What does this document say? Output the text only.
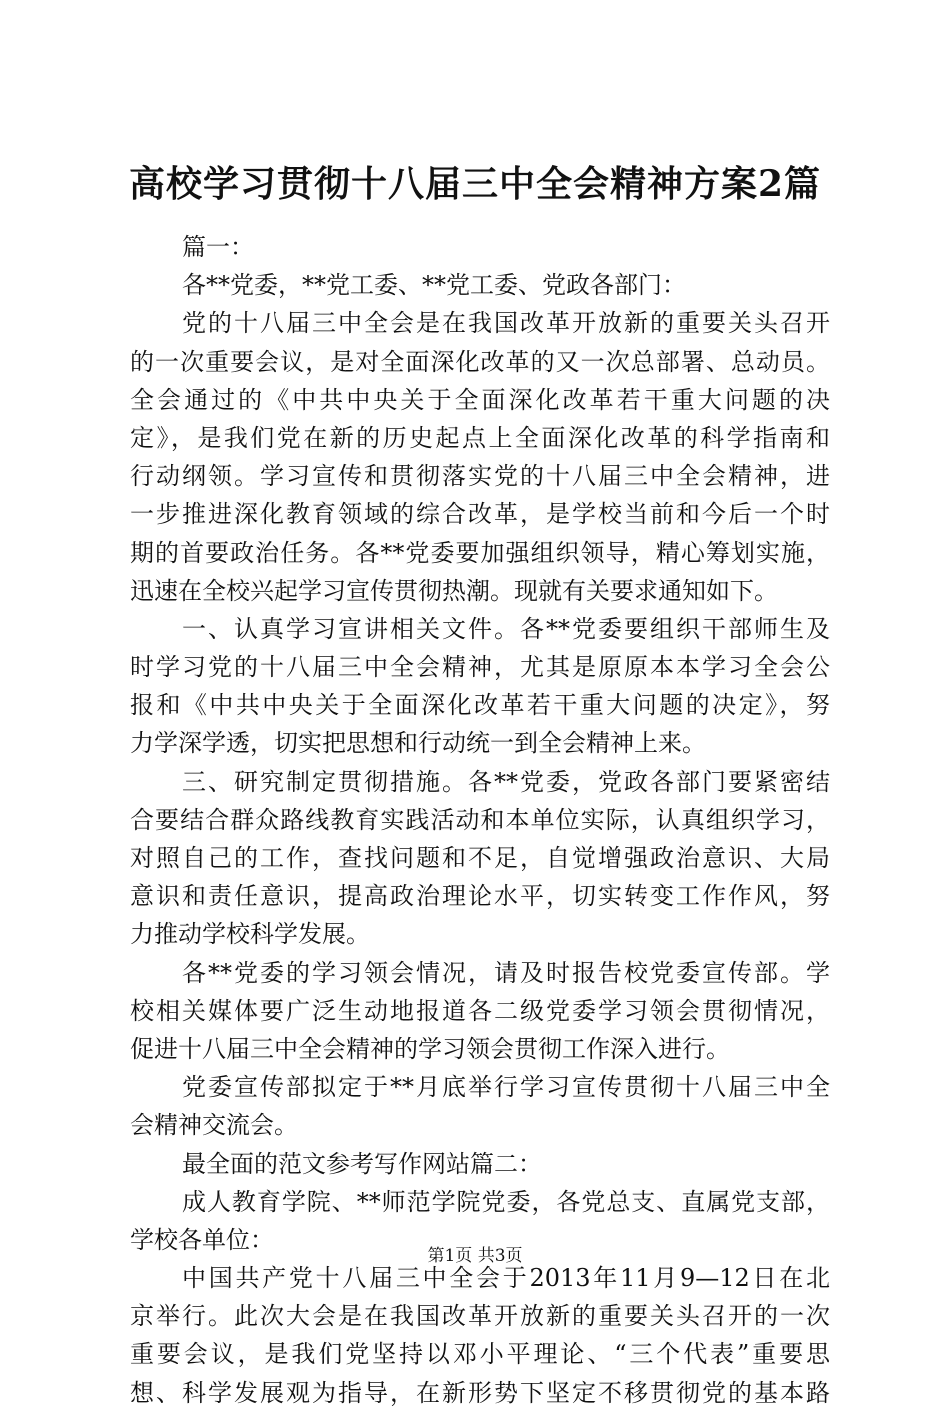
高校学习贯彻十八届三中全会精神方案2篇
篇一：
各**党委，**党工委、**党工委、党政各部门：
党的十八届三中全会是在我国改革开放新的重要关头召开
的一次重要会议，是对全面深化改革的又一次总部署、总动员。
全会通过的《中共中央关于全面深化改革若干重大问题的决
定》，是我们党在新的历史起点上全面深化改革的科学指南和
行动纲领。学习宣传和贯彻落实党的十八届三中全会精神，进
一步推进深化教育领域的综合改革，是学校当前和今后一个时
期的首要政治任务。各**党委要加强组织领导，精心筹划实施，
迅速在全校兴起学习宣传贯彻热潮。现就有关要求通知如下。
一、认真学习宣讲相关文件。各**党委要组织干部师生及
时学习党的十八届三中全会精神，尤其是原原本本学习全会公
报和《中共中央关于全面深化改革若干重大问题的决定》，努
力学深学透，切实把思想和行动统一到全会精神上来。
三、研究制定贯彻措施。各**党委，党政各部门要紧密结
合要结合群众路线教育实践活动和本单位实际，认真组织学习，
对照自己的工作，查找问题和不足，自觉增强政治意识、大局
意识和责任意识，提高政治理论水平，切实转变工作作风，努
力推动学校科学发展。
各**党委的学习领会情况，请及时报告校党委宣传部。学
校相关媒体要广泛生动地报道各二级党委学习领会贯彻情况，
促进十八届三中全会精神的学习领会贯彻工作深入进行。
党委宣传部拟定于**月底举行学习宣传贯彻十八届三中全
会精神交流会。
最全面的范文参考写作网站篇二：
成人教育学院、**师范学院党委，各党总支、直属党支部，
学校各单位：
中国共产党十八届三中全会于2013年11月9—12日在北
京举行。此次大会是在我国改革开放新的重要关头召开的一次
重要会议，是我们党坚持以邓小平理论、“三个代表”重要思
想、科学发展观为指导，在新形势下坚定不移贯彻党的基本路
第1页 共3页
